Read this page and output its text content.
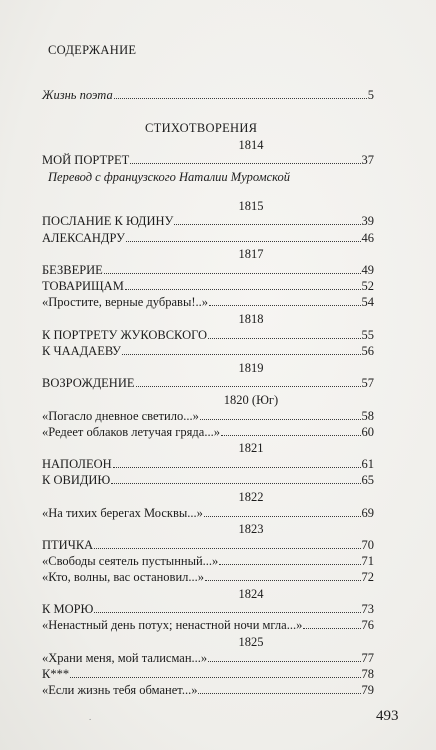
СОДЕРЖАНИЕ
Жизнь поэта	5
СТИХОТВОРЕНИЯ
1814
МОЙ ПОРТРЕТ	37
Перевод с французского Наталии Муромской
1815
ПОСЛАНИЕ К ЮДИНУ	39
АЛЕКСАНДРУ	46
1817
БЕЗВЕРИЕ	49
ТОВАРИЩАМ	52
«Простите, верные дубравы!..»	54
1818
К ПОРТРЕТУ ЖУКОВСКОГО	55
К ЧААДАЕВУ	56
1819
ВОЗРОЖДЕНИЕ	57
1820 (Юг)
«Погасло дневное светило...»	58
«Редеет облаков летучая гряда...»	60
1821
НАПОЛЕОН	61
К ОВИДИЮ	65
1822
«На тихих берегах Москвы...»	69
1823
ПТИЧКА	70
«Свободы сеятель пустынный...»	71
«Кто, волны, вас остановил...»	72
1824
К МОРЮ	73
«Ненастный день потух; ненастной ночи мгла...»	76
1825
«Храни меня, мой талисман...»	77
К***	78
«Если жизнь тебя обманет...»	79
.	493
